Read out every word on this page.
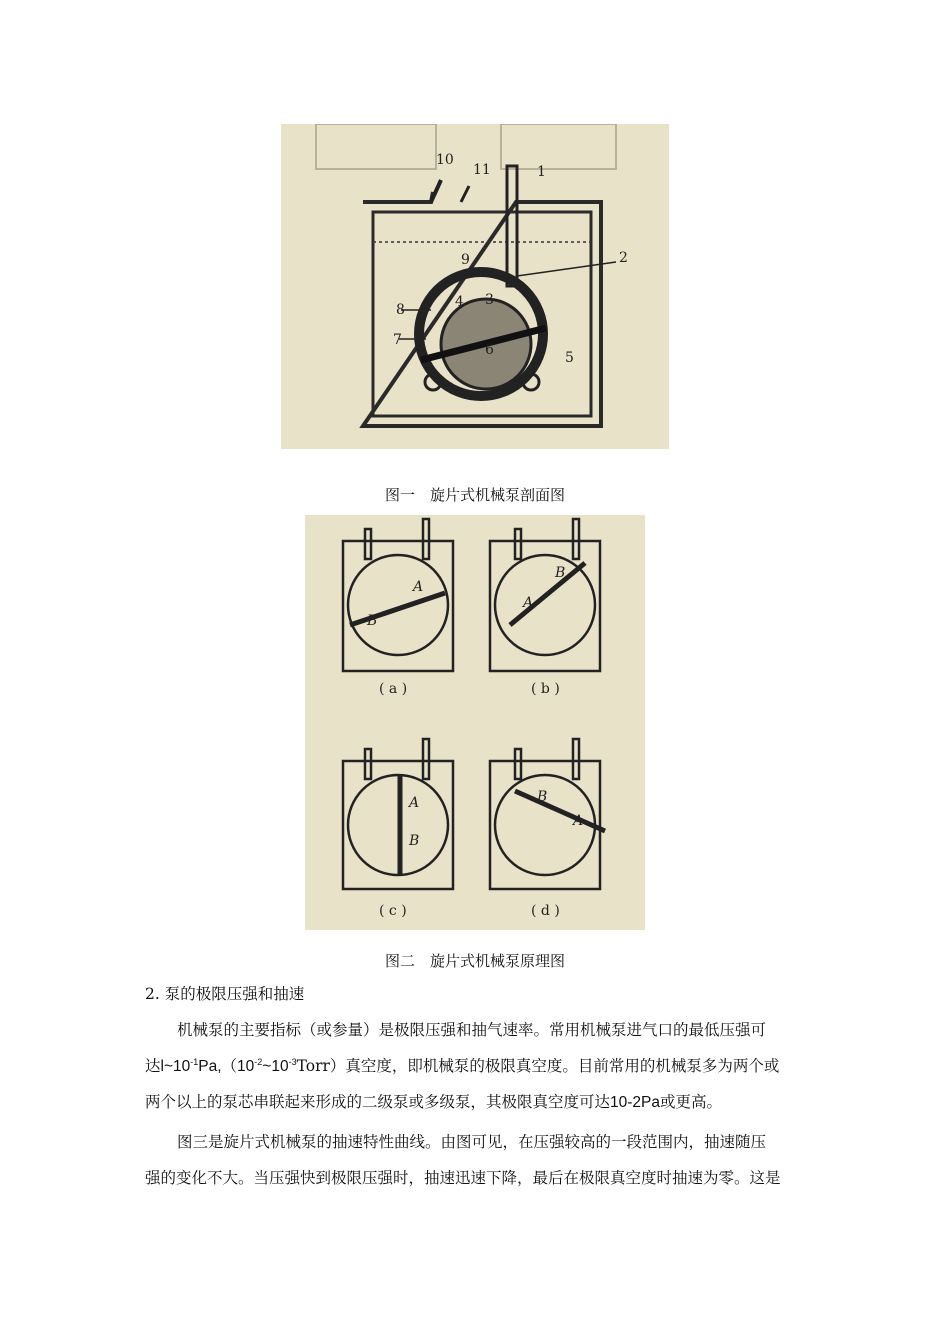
10
11	1
2
9
8	4 3
7
6	5
图一　旋片式机械泵剖面图
A
B
A
B
A
B
B
A
( a )	( b )
( c )	( d )
图二　旋片式机械泵原理图
2. 泵的极限压强和抽速
机械泵的主要指标（或参量）是极限压强和抽气速率。常用机械泵进气口的最低压强可
达$l\sim 10^{-1}Pa,(10^{-2}\sim 10^{-3}Torr)$真空度，即机械泵的极限真空度。目前常用的机械泵多为两个或
两个以上的泵芯串联起来形成的二级泵或多级泵，其极限真空度可达10-2Pa或更高。
图三是旋片式机械泵的抽速特性曲线。由图可见，在压强较高的一段范围内，抽速随压
强的变化不大。当压强快到极限压强时，抽速迅速下降，最后在极限真空度时抽速为零。这是
